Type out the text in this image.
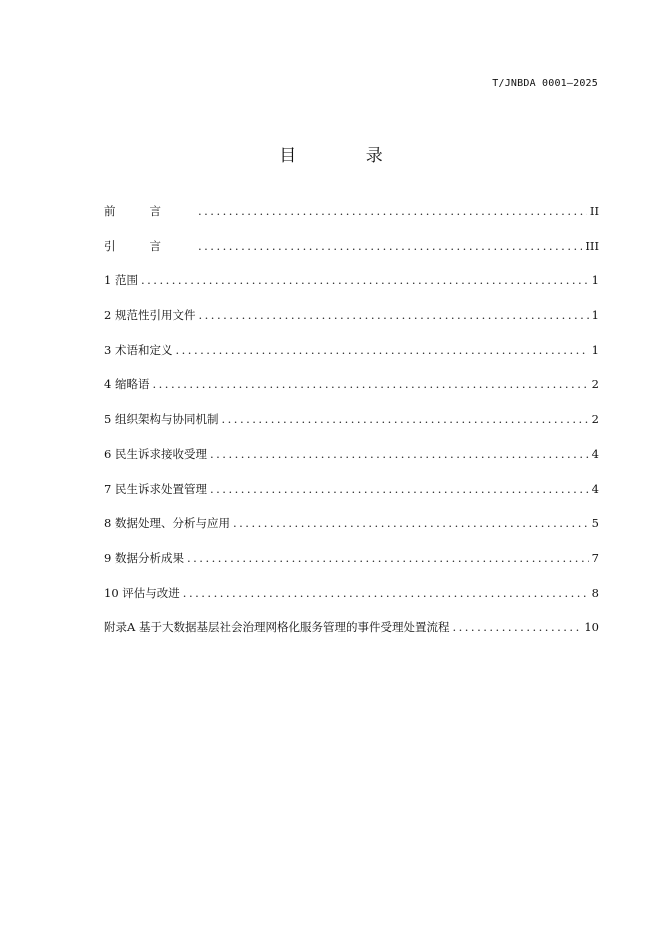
T/JNBDA 0001—2025
目 录
前言 .....	II
引言 .....	III
1 范围 .....	1
2 规范性引用文件 .....	1
3 术语和定义 .....	1
4 缩略语 .....	2
5 组织架构与协同机制 .....	2
6 民生诉求接收受理 .....	4
7 民生诉求处置管理 .....	4
8 数据处理、分析与应用 .....	5
9 数据分析成果 .....	7
10 评估与改进 .....	8
附录A 基于大数据基层社会治理网格化服务管理的事件受理处置流程 .....	10
